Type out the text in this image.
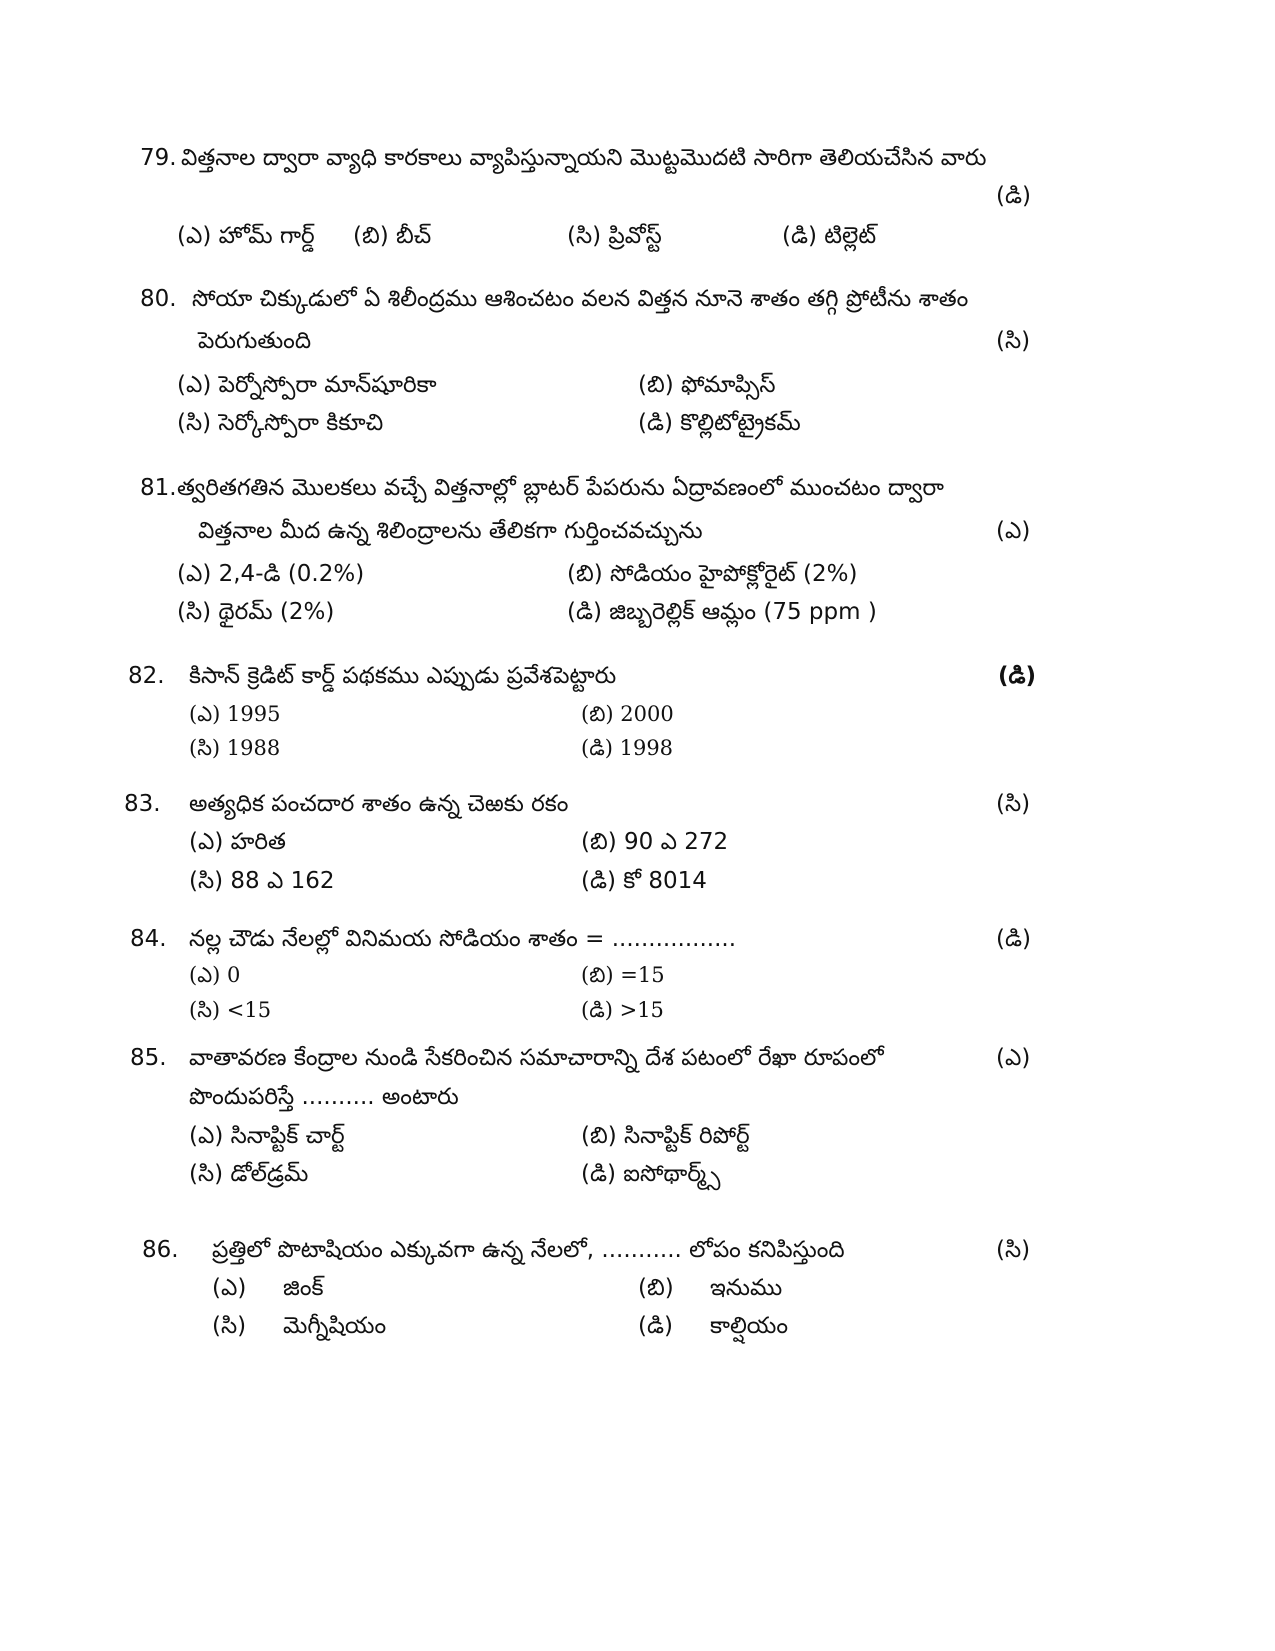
79. విత్తనాల ద్వారా వ్యాధి కారకాలు వ్యాపిస్తున్నాయని మొట్టమొదటి సారిగా తెలియచేసిన వారు
(డి)
(ఎ) హోమ్ గార్డ్ (బి) బీచ్	(సి) ప్రివోస్ట్	(డి) టిల్లెట్
80. సోయా చిక్కుడులో ఏ శిలీంద్రము ఆశించటం వలన విత్తన నూనె శాతం తగ్గి ప్రోటీను శాతం
పెరుగుతుంది	(సి)
(ఎ) పెర్నోస్పోరా మాన్‌షూరికా	(బి) ఫోమాప్సిస్
(సి) సెర్కోస్పోరా కికూచి	(డి) కొల్లిటోట్రైకమ్
81. త్వరితగతిన మొలకలు వచ్చే విత్తనాల్లో బ్లాటర్ పేపరును ఏద్రావణంలో ముంచటం ద్వారా
విత్తనాల మీద ఉన్న శిలింద్రాలను తేలికగా గుర్తించవచ్చును	(ఎ)
(ఎ) 2,4-డి (0.2%)	(బి) సోడియం హైపోక్లోరైట్ (2%)
(సి) థైరమ్ (2%)	(డి) జిబ్బరెల్లిక్ ఆమ్లం (75 ppm )
82. కిసాన్ క్రెడిట్ కార్డ్ పథకము ఎప్పుడు ప్రవేశపెట్టారు	(డి)
(ఎ) 1995	(బి) 2000
(సి) 1988	(డి) 1998
83. అత్యధిక పంచదార శాతం ఉన్న చెఱకు రకం	(సి)
(ఎ) హరిత	(బి) 90 ఎ 272
(సి) 88 ఎ 162	(డి) కో 8014
84. నల్ల చౌడు నేలల్లో వినిమయ సోడియం శాతం = .................	(డి)
(ఎ) 0	(బి) =15
(సి) <15	(డి) >15
85. వాతావరణ కేంద్రాల నుండి సేకరించిన సమాచారాన్ని దేశ పటంలో రేఖా రూపంలో	(ఎ)
పొందుపరిస్తే .......... అంటారు
(ఎ) సినాప్టిక్ చార్ట్	(బి) సినాప్టిక్ రిపోర్ట్
(సి) డోల్‌డ్రమ్	(డి) ఐసోథార్మ్స్
86. ప్రత్తిలో పొటాషియం ఎక్కువగా ఉన్న నేలలో, ........... లోపం కనిపిస్తుంది	(సి)
(ఎ) జింక్	(బి) ఇనుము
(సి) మెగ్నీషియం	(డి) కాల్షియం
